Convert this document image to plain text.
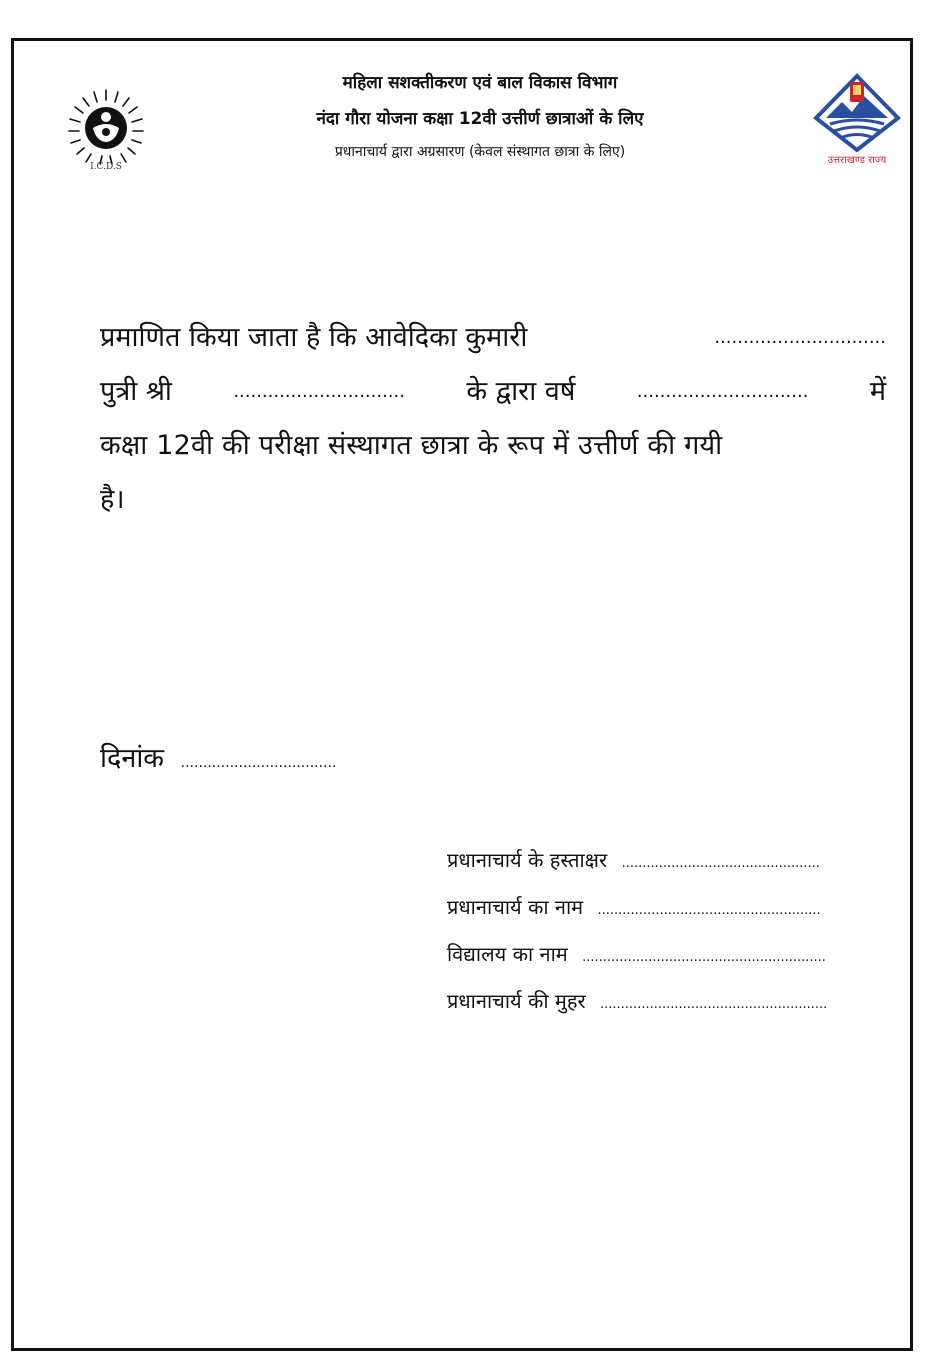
I.C.D.S
महिला सशक्तीकरण एवं बाल विकास विभाग
नंदा गौरा योजना कक्षा 12वी उत्तीर्ण छात्राओं के लिए
प्रधानाचार्य द्वारा अग्रसारण (केवल संस्थागत छात्रा के लिए)
उत्तराखण्ड राज्य
प्रमाणित किया जाता है कि आवेदिका कुमारी	..............................
पुत्री श्री	.............................. के द्वारा वर्ष	.............................. में
कक्षा 12वी की परीक्षा संस्थागत छात्रा के रूप में उत्तीर्ण की गयी
है।
दिनांक ...................................
प्रधानाचार्य के हस्ताक्षर ................................................
प्रधानाचार्य का नाम ......................................................
विद्यालय का नाम ...........................................................
प्रधानाचार्य की मुहर .......................................................
